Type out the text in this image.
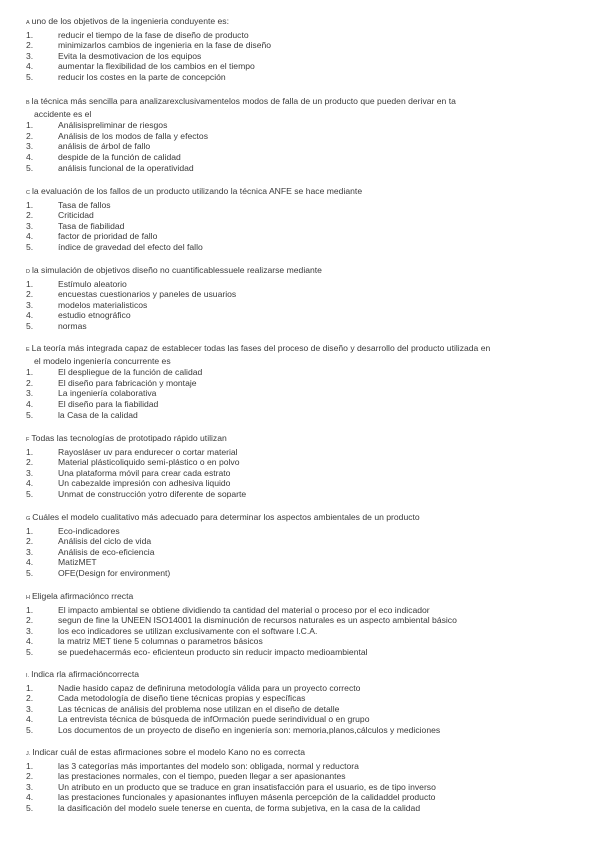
A uno de los objetivos de la ingenieria conduyente es:

1.	reducir el tiempo de la fase de diseño de producto
2.	minimizarlos cambios de ingenieria en la fase de diseño
3.	Evita la desmotivacion de los equipos
4.	aumentar la flexibilidad de los cambios en el tiempo
5.	reducir los costes en la parte de concepción

B la técnica más sencilla para analizarexclusivamentelos modos de falla de un producto que pueden derivar en ta
accidente es el

1.	Análisispreliminar de riesgos
2.	Análisis de los modos de falla y efectos
3.	análisis de árbol de fallo
4.	despide de la función de calidad
5.	análisis funcional de la operatividad

C la evaluación de los fallos de un producto utilizando la técnica ANFE se hace mediante

1.	Tasa de fallos
2.	Criticidad
3.	Tasa de fiabilidad
4.	factor de prioridad de fallo
5.	índice de gravedad del efecto del fallo

D la simulación de objetivos diseño no cuantificablessuele realizarse mediante

1.	Estímulo aleatorio
2.	encuestas cuestionarios y paneles de usuarios
3.	modelos materialisticos
4.	estudio etnográfico
5.	normas

E La teoría más integrada capaz de establecer todas las fases del proceso de diseño y desarrollo del producto utilizada en
el modelo ingeniería concurrente es

1.	El despliegue de la función de calidad
2.	El diseño para fabricación y montaje
3.	La ingeniería colaborativa
4.	El diseño para la fiabilidad
5.	la Casa de la calidad

F Todas las tecnologías de prototipado rápido utilizan

1.	Rayosláser uv para endurecer o cortar material
2.	Material plásticoliquido semi-plástico o en polvo
3.	Una plataforma móvil para crear cada estrato
4.	Un cabezalde impresión con adhesiva liquido
5.	Unmat de construcción yotro diferente de soparte

G Cuáles el modelo cualitativo más adecuado para determinar los aspectos ambientales de un producto

1.	Eco-indicadores
2.	Análisis del ciclo de vida
3.	Análisis de eco-eficiencia
4.	MatizMET
5.	OFE(Design for environment)

H Eligela afirmaciónco rrecta

1.	El impacto ambiental se obtiene dividiendo ta cantidad del material o proceso por el eco indicador
2.	segun de fine la UNEEN ISO14001 la disminución de recursos naturales es un aspecto ambiental básico
3.	los eco indicadores se utilizan exclusivamente con el software l.C.A.
4.	la matriz MET tiene 5 columnas o parametros básicos
5.	se puedehacermás eco- eficienteun producto sin reducir impacto medioambiental

I. Indica rla afirmacióncorrecta

1.	Nadie hasido capaz de definiruna metodología válida para un proyecto correcto
2.	Cada metodología de diseño tiene técnicas propias y específicas
3.	Las técnicas de análisis del problema nose utilizan en el diseño de detalle
4.	La entrevista técnica de búsqueda de infOrmación puede serindividual o en grupo
5.	Los documentos de un proyecto de diseño en ingeniería son: memoria,planos,cálculos y mediciones

J. Indicar cuál de estas afirmaciones sobre el modelo Kano no es correcta

1.	las 3 categorías más importantes del modelo son: obligada, normal y reductora
2.	las prestaciones normales, con el tiempo, pueden llegar a ser apasionantes
3.	Un atributo en un producto que se traduce en gran insatisfacción para el usuario, es de tipo inverso
4.	las prestaciones funcionales y apasionantes influyen másenla percepción de la calidaddel producto
5.	la dasificación del modelo suele tenerse en cuenta, de forma subjetiva, en la casa de la calidad
